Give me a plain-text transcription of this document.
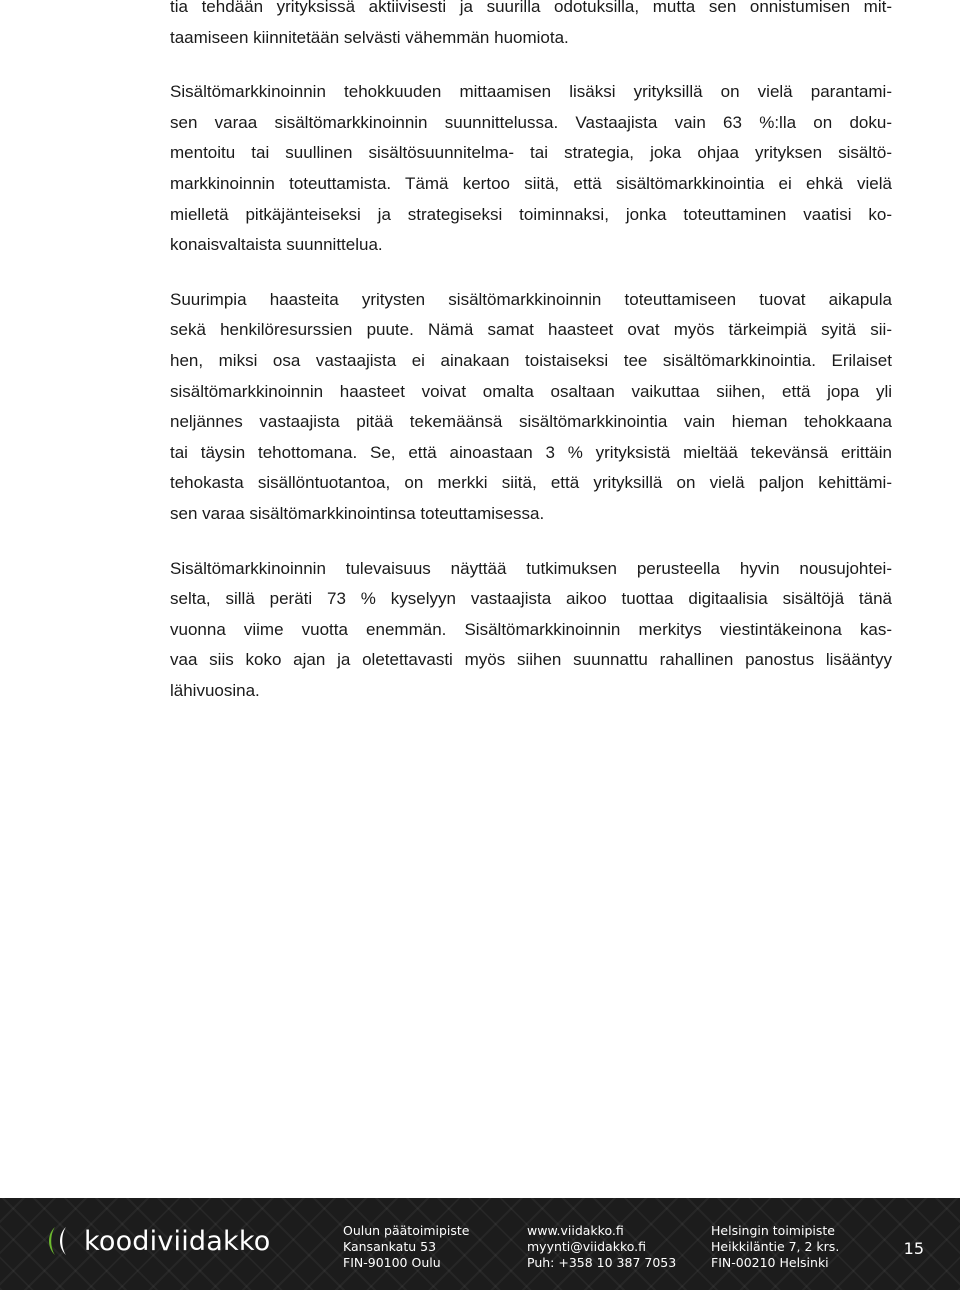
tia tehdään yrityksissä aktiivisesti ja suurilla odotuksilla, mutta sen onnistumisen mit-
taamiseen kiinnitetään selvästi vähemmän huomiota.

Sisältömarkkinoinnin tehokkuuden mittaamisen lisäksi yrityksillä on vielä parantami-
sen varaa sisältömarkkinoinnin suunnittelussa. Vastaajista vain 63 %:lla on doku-
mentoitu tai suullinen sisältösuunnitelma- tai strategia, joka ohjaa yrityksen sisältö-
markkinoinnin toteuttamista. Tämä kertoo siitä, että sisältömarkkinointia ei ehkä vielä
mielletä pitkäjänteiseksi ja strategiseksi toiminnaksi, jonka toteuttaminen vaatisi ko-
konaisvaltaista suunnittelua.

Suurimpia haasteita yritysten sisältömarkkinoinnin toteuttamiseen tuovat aikapula
sekä henkilöresurssien puute. Nämä samat haasteet ovat myös tärkeimpiä syitä sii-
hen, miksi osa vastaajista ei ainakaan toistaiseksi tee sisältömarkkinointia. Erilaiset
sisältömarkkinoinnin haasteet voivat omalta osaltaan vaikuttaa siihen, että jopa yli
neljännes vastaajista pitää tekemäänsä sisältömarkkinointia vain hieman tehokkaana
tai täysin tehottomana. Se, että ainoastaan 3 % yrityksistä mieltää tekevänsä erittäin
tehokasta sisällöntuotantoa, on merkki siitä, että yrityksillä on vielä paljon kehittämi-
sen varaa sisältömarkkinointinsa toteuttamisessa.

Sisältömarkkinoinnin tulevaisuus näyttää tutkimuksen perusteella hyvin nousujohtei-
selta, sillä peräti 73 % kyselyyn vastaajista aikoo tuottaa digitaalisia sisältöjä tänä
vuonna viime vuotta enemmän. Sisältömarkkinoinnin merkitys viestintäkeinona kas-
vaa siis koko ajan ja oletettavasti myös siihen suunnattu rahallinen panostus lisääntyy
lähivuosina.

koodiviidakko	Oulun päätoimipiste
Kansankatu 53
FIN-90100 Oulu
www.viidakko.fi
myynti@viidakko.fi
Puh: +358 10 387 7053
Helsingin toimipiste
Heikkiläntie 7, 2 krs.
FIN-00210 Helsinki
15
